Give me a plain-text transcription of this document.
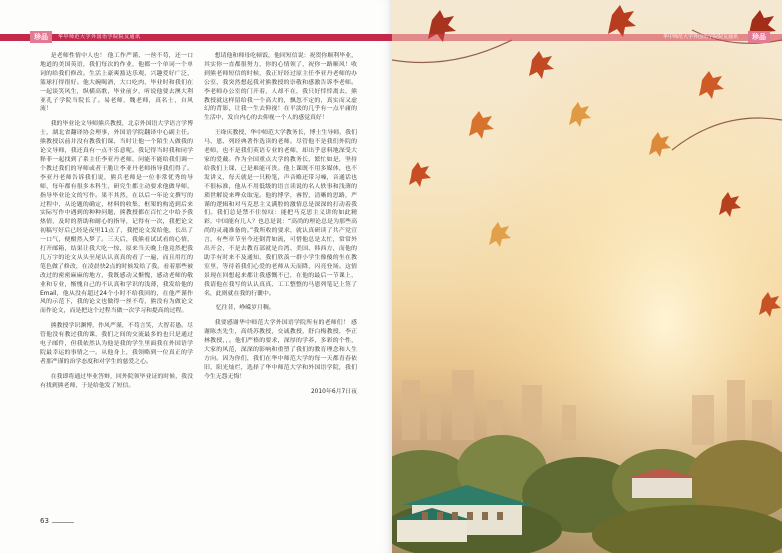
珍品	华中师范大学外国语学院院友通讯

是老师性情中人也！ 他工作严谨，一丝不苟，还一口地道的美国英语，我们每次的作业，他都一个单词一个单词的给我们修改。生活上豪爽豁达乐观，兴趣爱好广泛，篮球打得很好。他大碗喝酒，大口吃肉，毕业时和我们在一起谈笑风生，纵横高歌，毕业前夕，听说他要去澳大利亚孔子学院当院长了。易老师，魏老师，真名士，自风流！

我的毕业论文导师熊兵教授，北京外国语大学语言学博士，湖北省翻译协会理事，外国语学院翻译中心副主任。 熊教授以前并没有教我们课，当时让他一个陌生人做我的论文导师，我还真有一点不乐意呢。我记得当时我和同学释菲一起找到了系主任李亚丹老师，问能不能给我们调一个教过我们的导师或者干脆让李亚丹老师指导我们得了。李亚丹老师告诉我们说，熊兵老师是一位非常优秀的导师，每年都有很多本科生，研究生都主动要求他做导师，指导毕业论文的写作。果不其然，在以后一年论文撰写的过程中，从论题的确定，材料的收集，框架的构造到后来实际写作中遇到的种种问题，熊教授都在百忙之中给予我热情，及时的帮助和耐心的指导，记得有一次，我把论文初稿写好后已经是夜里11点了，我把论文发给他，长出了一口气，便酣然入梦了。三天后，我熊看试试看的心情，打开邮箱，结果让我大吃一惊，原来当天晚上他竟然把我几万字的论文从头至尾认认真真的看了一遍，而且用红的笔色做了修改，在凌晨快2点的时候发给了我。看着那些被改过的密密麻麻的地方，我既感动又惭愧，感动老师的敬业和专业，惭愧自己的不认真和学识的浅薄，我发给他的Email，他从没有超过24个小时不给我回的，在他严谨作风的示范下，我的论文也做得一丝不苟，熊没有为做论文而作论文，而是把这个过程当做一次学习和提高的过程。

熊教授学识渊博，作风严谨，不苟言笑，大智若愚。尽管他没有教过我的课，我们之间的交流最多的也只是通过电子邮件，但我依然认为他是我的学生里面我在外国语学院最幸运的事情之一。从他身上，我领略到一位真正的学者那严谨的治学态度和对学生的慈爱之心。

在我即将通过毕业答辩，回外院领毕业证的时候，我没有找到熊老师，于是给他发了短信。

想请他和师母吃顿饭，他回短信说：祝贺你顺利毕业，其实你一直都很努力，你的心情领了，祝你一路顺风！收到熊老师短信的时候，我正好经过原主任李亚丹老师的办公室，我突然想起我对熊教授的崇敬和感激告诉李老师。李老师办公室的门开着，人却不在，我只好悻悻离去，熊教授就这样留给我一个高大的，飘忽不定的，真实而又虚幻的背影，让我一生去仰视！在平淡的几乎有一点平庸的生活中，发自内心的去仰视一个人的感觉真好！

王绛庆教授，华中师范大学教务长，博士生导师，我们马、恩、列经典著作选读的老师。尽管他不是我们外院的老师，也不是我们英语专业的老师，却出乎意料地深受大家的爱戴。作为全国重点大学的教务长，繁忙如是，坚持给我们上课，已是难能可贵。他上课既不用多媒体，也不发讲义，每天就是一只粉笔，声音略还带习嗓，音通话也不很标准，他从不用低级的语言读说的名人轶事和浅薄的琐世解说来哗众取宠。他的博学，睿智，清晰的思路，严谨的逻辑和对马克思主义满腔的激情总是深深的打动着我们。我们总是禁不住惊叹：能把马克思主义讲的如此精彩，中国能有几人？也总是说：“高尚的理论总是为那些高尚的灵魂准备的。”我所收的要求，就认真研读了共产党宣言，有些章节至今还倒背如流，可惜他总是太忙，常常外出开会，不是去教育部就是台湾、美国、韩西方，而他的助手有时来不及通知，我们欣羡一群小学生像傻的坐在教室里，等待着我们心爱的老师从天而降，闪亮登场。这情景现在回想起来都让我感慨不已，在他的最后一节课上，我请他在我写的认认真真、工工整整的马恩列笔记上签了名，此则就在我的行囊中。

忆往昔，峥嵘岁月稠。

我要感谢华中师范大学外国语学院所有的老师们！ 感谢陈杰先生，高绕苏教授，交诚教授，舒白梅教授，李正林教授，，。他们严格的要求，深厚的学养，多彩的个性，大家的风范，深深的影响和重塑了我们的教育理念和人生方向。因为你们，我们在华中师范大学的每一天都青春依旧，阳光灿烂，选择了华中师范大学和外国语学院，我们今生无怨无悔！

2010年6月7日夜

63
华中师范大学外国语学院院友通讯	珍品
